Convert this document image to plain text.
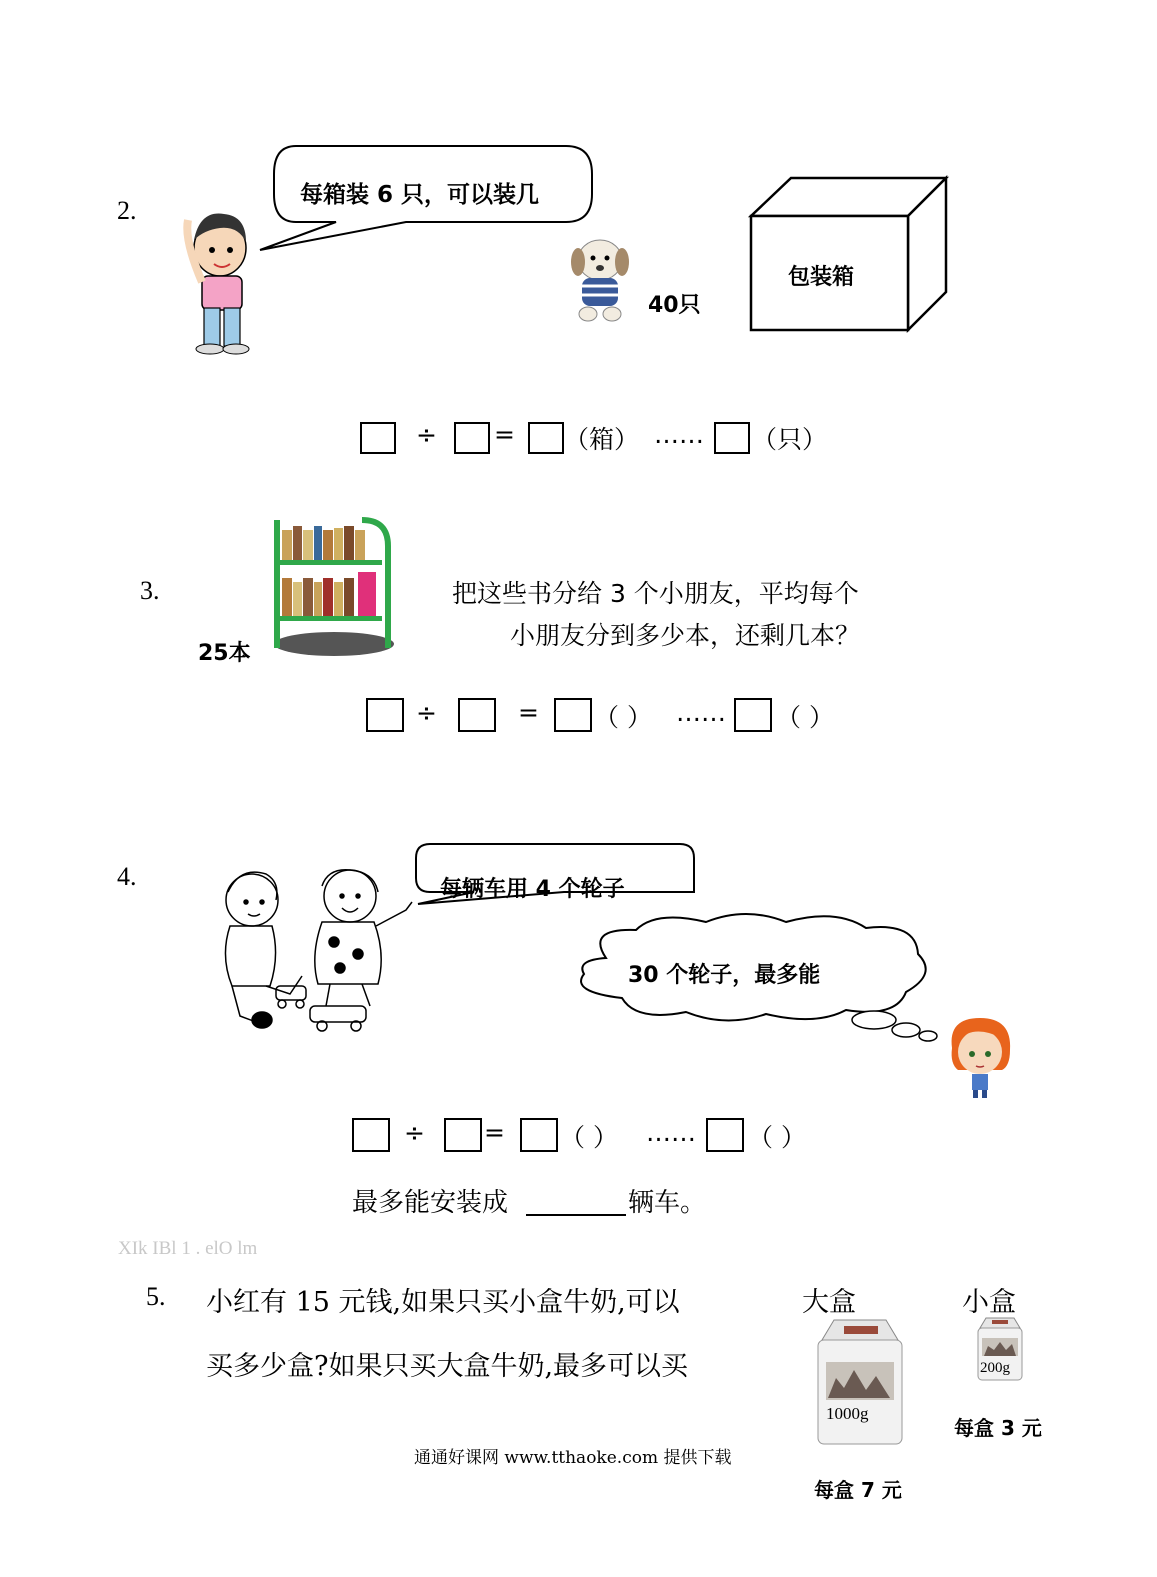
2.
每箱装 6 只，可以装几
40只
包装箱
÷ = （箱） …… （只）
3.
25本
把这些书分给 3 个小朋友，平均每个
小朋友分到多少本，还剩几本？
÷	= （ ） …… （ ）
4.	每辆车用 4 个轮子
30 个轮子，最多能
÷ = （ ） …… （ ）
最多能安装成	辆车。
XIk IBl 1 . elO lm
5. 小红有 15 元钱,如果只买小盒牛奶,可以
买多少盒?如果只买大盒牛奶,最多可以买
大盒	小盒
1000g
200g
每盒 3 元
每盒 7 元
通通好课网 www.tthaoke.com 提供下载
